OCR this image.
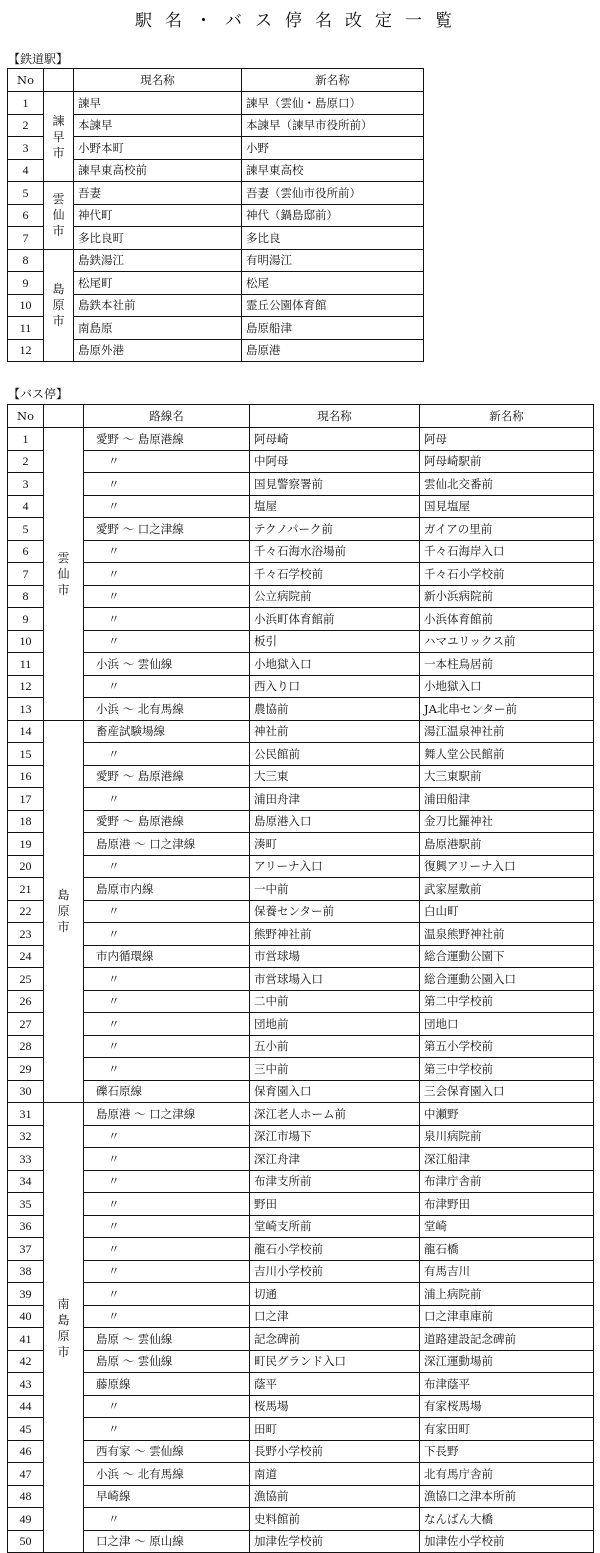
駅名・バス停名改定一覧
【鉄道駅】
No		現名称	新名称
1	諫早市	諫早	諫早（雲仙・島原口）
2		本諫早	本諫早（諫早市役所前）
3		小野本町	小野
4		諫早東高校前	諫早東高校
5	雲仙市	吾妻	吾妻（雲仙市役所前）
6		神代町	神代（鍋島邸前）
7		多比良町	多比良
8	島原市	島鉄湯江	有明湯江
9		松尾町	松尾
10		島鉄本社前	霊丘公園体育館
11		南島原	島原船津
12		島原外港	島原港
【バス停】
No		路線名	現名称	新名称
1	雲仙市	愛野 ～ 島原港線	阿母崎	阿母
2		〃	中阿母	阿母崎駅前
3		〃	国見警察署前	雲仙北交番前
4		〃	塩屋	国見塩屋
5		愛野 ～ 口之津線	テクノパーク前	ガイアの里前
6		〃	千々石海水浴場前	千々石海岸入口
7		〃	千々石学校前	千々石小学校前
8		〃	公立病院前	新小浜病院前
9		〃	小浜町体育館前	小浜体育館前
10		〃	板引	ハマユリックス前
11		小浜 ～ 雲仙線	小地獄入口	一本柱鳥居前
12		〃	西入り口	小地獄入口
13		小浜 ～ 北有馬線	農協前	JA北串センター前
14	島原市	畜産試験場線	神社前	湯江温泉神社前
15		〃	公民館前	舞人堂公民館前
16		愛野 ～ 島原港線	大三東	大三東駅前
17		〃	浦田舟津	浦田船津
18		愛野 ～ 島原港線	島原港入口	金刀比羅神社
19		島原港 ～ 口之津線	湊町	島原港駅前
20		〃	アリーナ入口	復興アリーナ入口
21		島原市内線	一中前	武家屋敷前
22		〃	保養センター前	白山町
23		〃	熊野神社前	温泉熊野神社前
24		市内循環線	市営球場	総合運動公園下
25		〃	市営球場入口	総合運動公園入口
26		〃	二中前	第二中学校前
27		〃	団地前	団地口
28		〃	五小前	第五小学校前
29		〃	三中前	第三中学校前
30		礫石原線	保育園入口	三会保育園入口
31	南島原市	島原港 ～ 口之津線	深江老人ホーム前	中瀬野
32		〃	深江市場下	泉川病院前
33		〃	深江舟津	深江船津
34		〃	布津支所前	布津庁舎前
35		〃	野田	布津野田
36		〃	堂崎支所前	堂崎
37		〃	龍石小学校前	龍石橋
38		〃	吉川小学校前	有馬吉川
39		〃	切通	浦上病院前
40		〃	口之津	口之津車庫前
41		島原 ～ 雲仙線	記念碑前	道路建設記念碑前
42		島原 ～ 雲仙線	町民グランド入口	深江運動場前
43		藤原線	蔭平	布津蔭平
44		〃	桜馬場	有家桜馬場
45		〃	田町	有家田町
46		西有家 ～ 雲仙線	長野小学校前	下長野
47		小浜 ～ 北有馬線	南道	北有馬庁舎前
48		早崎線	漁協前	漁協口之津本所前
49		〃	史料館前	なんばん大橋
50		口之津 ～ 原山線	加津佐学校前	加津佐小学校前
